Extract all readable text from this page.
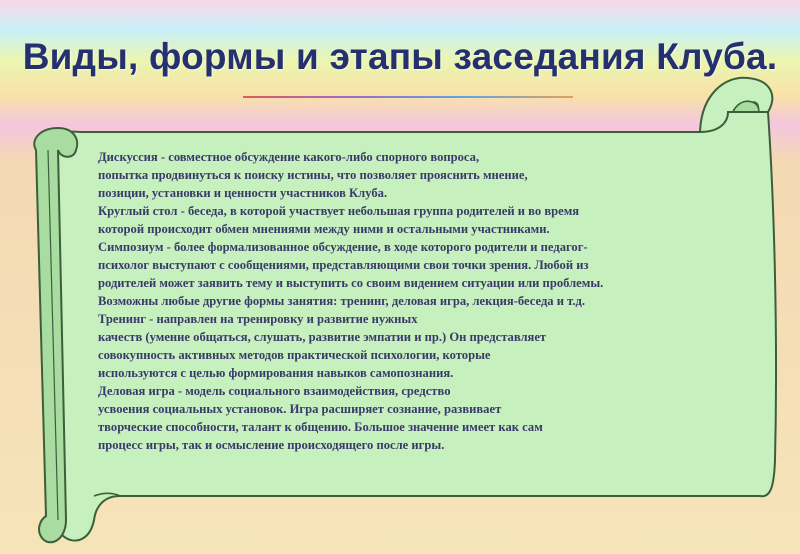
Виды, формы и этапы заседания Клуба.
Дискуссия - совместное обсуждение какого-либо спорного вопроса,
попытка продвинуться к поиску истины, что позволяет прояснить мнение,
позиции, установки и ценности участников Клуба.
Круглый стол - беседа, в которой участвует небольшая группа родителей и во время
которой происходит обмен мнениями между ними и остальными участниками.
Симпозиум - более формализованное обсуждение, в ходе которого родители и педагог-
психолог выступают с сообщениями, представляющими свои точки зрения. Любой из
родителей может заявить тему и выступить со своим видением ситуации или проблемы.
Возможны любые другие формы занятия: тренинг, деловая игра, лекция-беседа и т.д.
Тренинг - направлен на тренировку и развитие нужных
качеств (умение общаться, слушать, развитие эмпатии и пр.) Он представляет
совокупность активных методов практической психологии, которые
используются с целью формирования навыков самопознания.
Деловая игра - модель социального взаимодействия, средство
усвоения социальных установок. Игра расширяет сознание, развивает
творческие способности, талант к общению. Большое значение имеет как сам
процесс игры, так и осмысление происходящего после игры.
